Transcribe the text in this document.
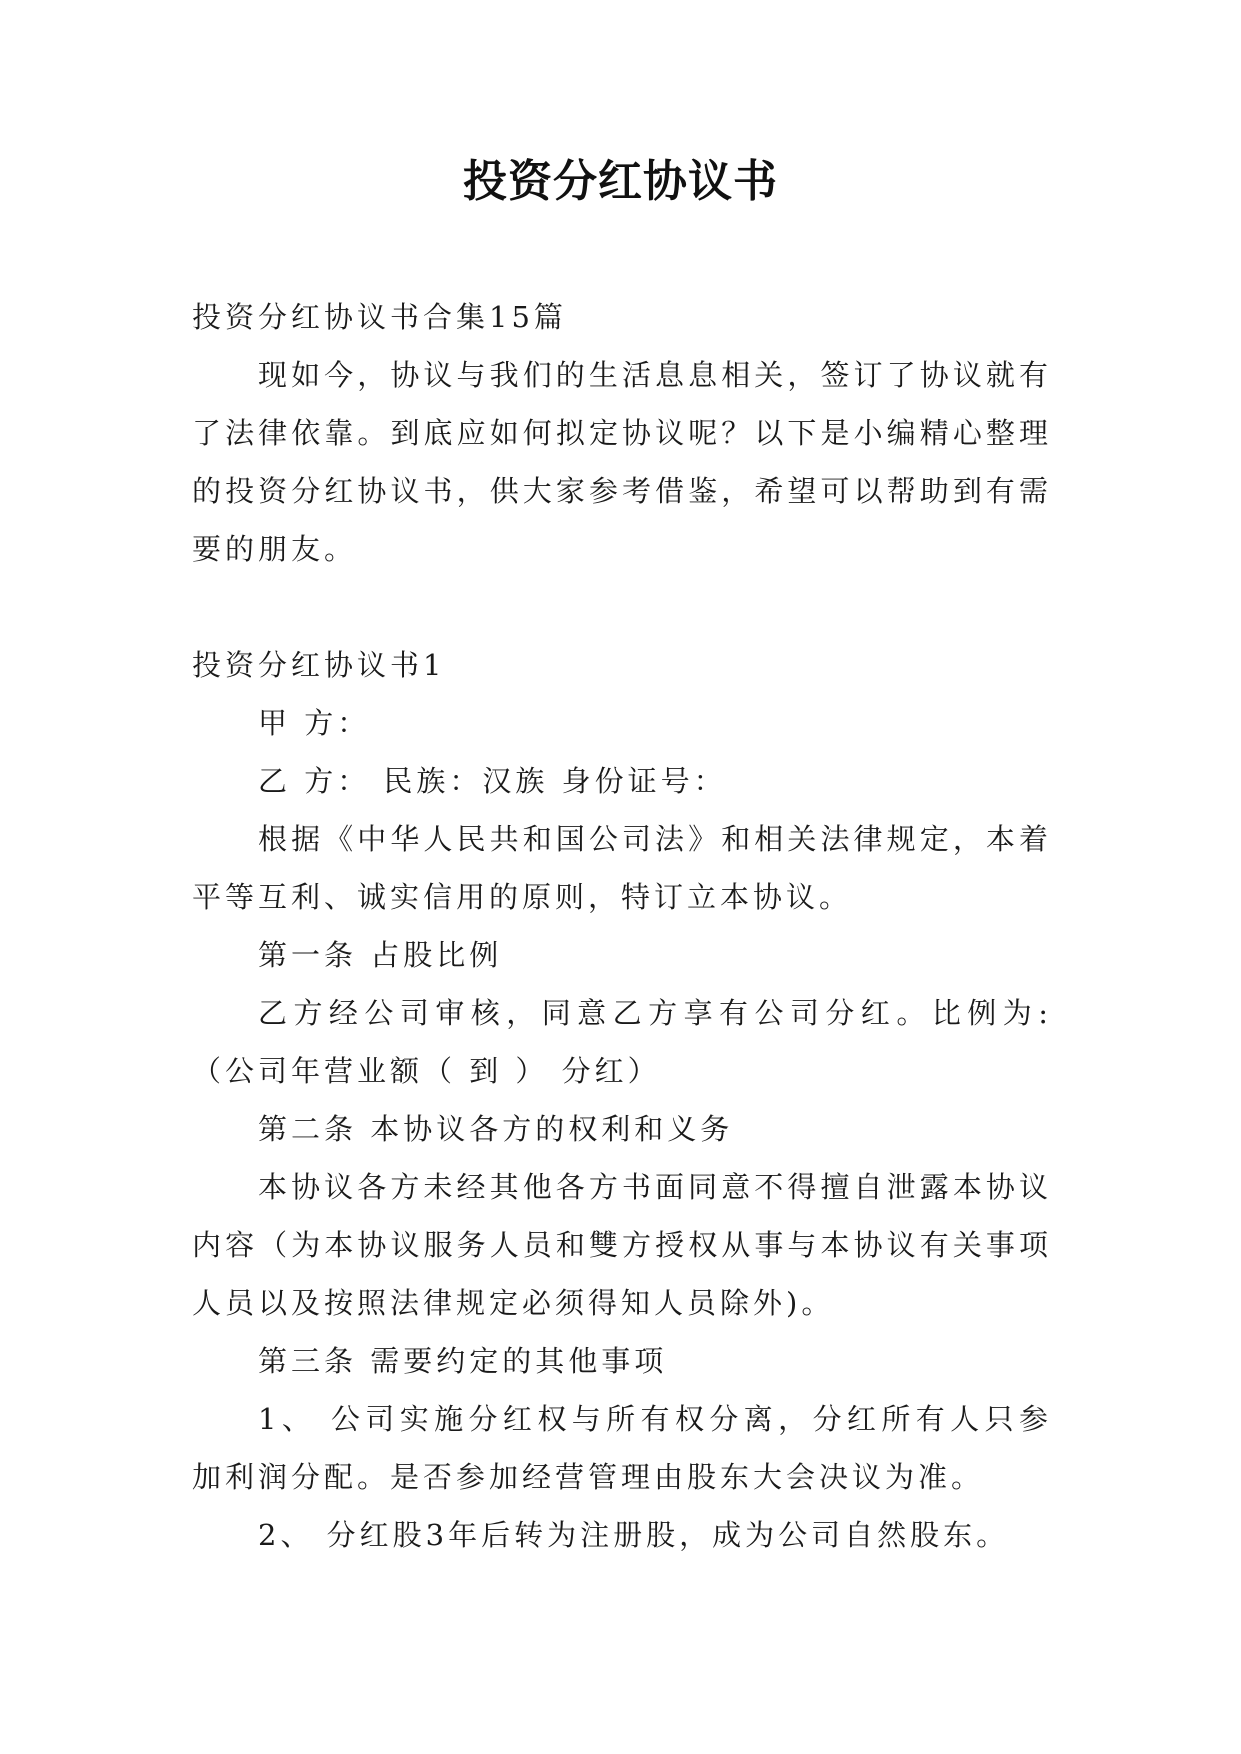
投资分红协议书

投资分红协议书合集15篇

现如今，协议与我们的生活息息相关，签订了协议就有了法律依靠。到底应如何拟定协议呢？以下是小编精心整理的投资分红协议书，供大家参考借鉴，希望可以帮助到有需要的朋友。

投资分红协议书1

甲 方：

乙 方： 民族：汉族 身份证号：

根据《中华人民共和国公司法》和相关法律规定，本着平等互利、诚实信用的原则，特订立本协议。

第一条 占股比例

乙方经公司审核，同意乙方享有公司分红。比例为:（公司年营业额（ 到 ） 分红）

第二条 本协议各方的权利和义务

本协议各方未经其他各方书面同意不得擅自泄露本协议内容（为本协议服务人员和雙方授权从事与本协议有关事项人员以及按照法律规定必须得知人员除外)。

第三条 需要约定的其他事项

1、 公司实施分红权与所有权分离，分红所有人只参加利润分配。是否参加经营管理由股东大会决议为准。

2、 分红股3年后转为注册股，成为公司自然股东。
